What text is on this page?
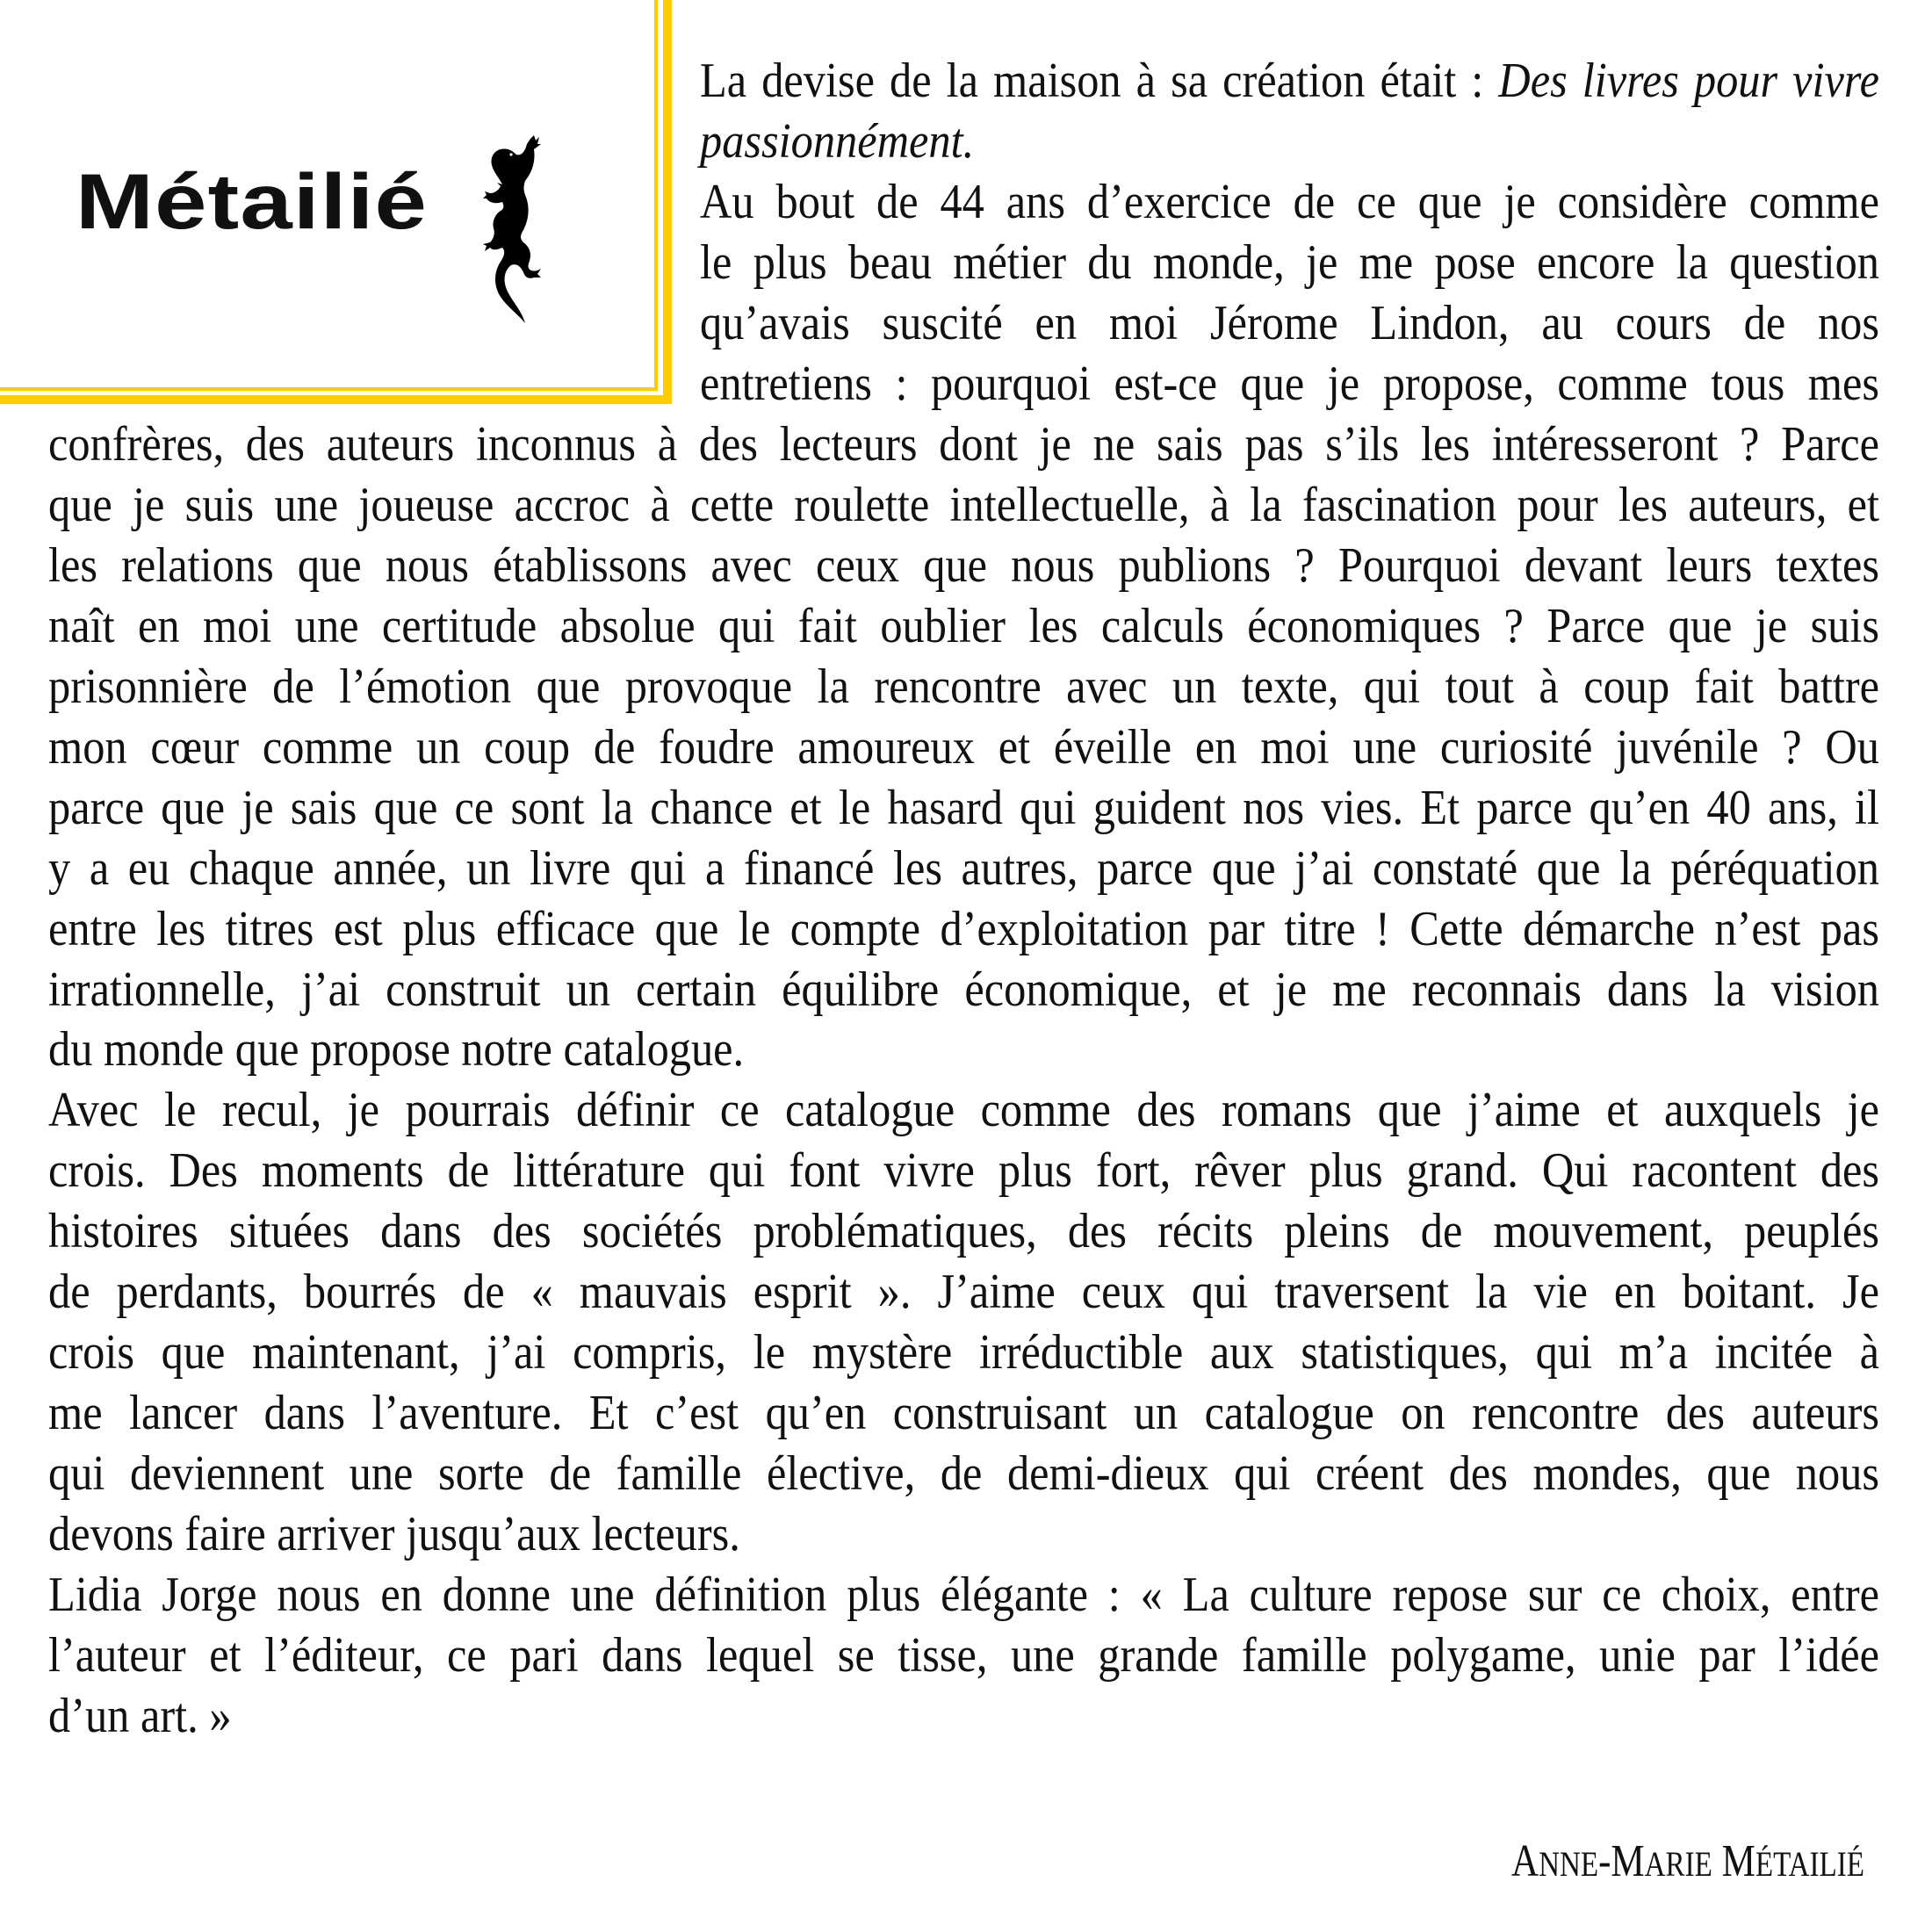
Métailié
La devise de la maison à sa création était : Des livres pour vivre
passionnément.
Au bout de 44 ans d’exercice de ce que je considère comme
le plus beau métier du monde, je me pose encore la question
qu’avais suscité en moi Jérome Lindon, au cours de nos
entretiens : pourquoi est-ce que je propose, comme tous mes
confrères, des auteurs inconnus à des lecteurs dont je ne sais pas s’ils les intéresseront ? Parce
que je suis une joueuse accroc à cette roulette intellectuelle, à la fascination pour les auteurs, et
les relations que nous établissons avec ceux que nous publions ? Pourquoi devant leurs textes
naît en moi une certitude absolue qui fait oublier les calculs économiques ? Parce que je suis
prisonnière de l’émotion que provoque la rencontre avec un texte, qui tout à coup fait battre
mon cœur comme un coup de foudre amoureux et éveille en moi une curiosité juvénile ? Ou
parce que je sais que ce sont la chance et le hasard qui guident nos vies. Et parce qu’en 40 ans, il
y a eu chaque année, un livre qui a financé les autres, parce que j’ai constaté que la péréquation
entre les titres est plus efficace que le compte d’exploitation par titre ! Cette démarche n’est pas
irrationnelle, j’ai construit un certain équilibre économique, et je me reconnais dans la vision
du monde que propose notre catalogue.
Avec le recul, je pourrais définir ce catalogue comme des romans que j’aime et auxquels je
crois. Des moments de littérature qui font vivre plus fort, rêver plus grand. Qui racontent des
histoires situées dans des sociétés problématiques, des récits pleins de mouvement, peuplés
de perdants, bourrés de « mauvais esprit ». J’aime ceux qui traversent la vie en boitant. Je
crois que maintenant, j’ai compris, le mystère irréductible aux statistiques, qui m’a incitée à
me lancer dans l’aventure. Et c’est qu’en construisant un catalogue on rencontre des auteurs
qui deviennent une sorte de famille élective, de demi-dieux qui créent des mondes, que nous
devons faire arriver jusqu’aux lecteurs.
Lidia Jorge nous en donne une définition plus élégante : « La culture repose sur ce choix, entre
l’auteur et l’éditeur, ce pari dans lequel se tisse, une grande famille polygame, unie par l’idée
d’un art. »
ANNE-MARIE MÉTAILIÉ
